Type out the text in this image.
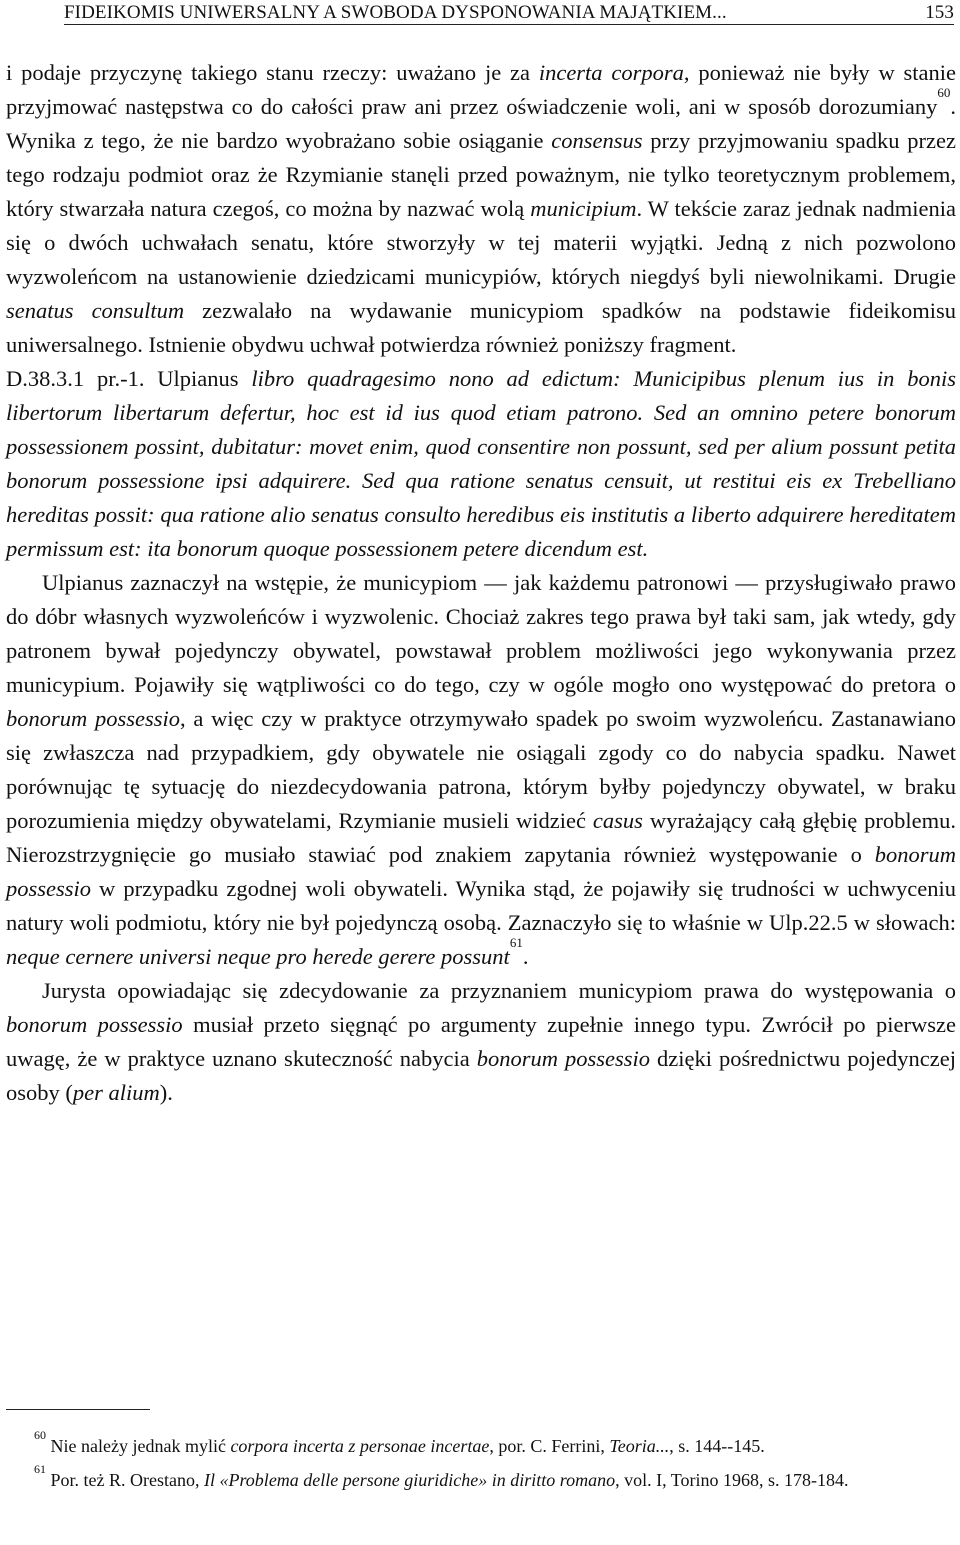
FIDEIKOMIS UNIWERSALNY A SWOBODA DYSPONOWANIA MAJĄTKIEM...	153

i podaje przyczynę takiego stanu rzeczy: uważano je za incerta corpora, ponieważ nie były w stanie przyjmować następstwa co do całości praw ani przez oświadczenie woli, ani w sposób dorozumiany$^{60}$. Wynika z tego, że nie bardzo wyobrażano sobie osiąganie consensus przy przyjmowaniu spadku przez tego rodzaju podmiot oraz że Rzymianie stanęli przed poważnym, nie tylko teoretycznym problemem, który stwarzała natura czegoś, co można by nazwać wolą municipium. W tekście zaraz jednak nadmienia się o dwóch uchwałach senatu, które stworzyły w tej materii wyjątki. Jedną z nich pozwolono wyzwoleńcom na ustanowienie dziedzicami municypiów, których niegdyś byli niewolnikami. Drugie senatus consultum zezwalało na wydawanie municypiom spadków na podstawie fideikomisu uniwersalnego. Istnienie obydwu uchwał potwierdza również poniższy fragment.

D.38.3.1 pr.-1. Ulpianus libro quadragesimo nono ad edictum: Municipibus plenum ius in bonis libertorum libertarum defertur, hoc est id ius quod etiam patrono. Sed an omnino petere bonorum possessionem possint, dubitatur: movet enim, quod consentire non possunt, sed per alium possunt petita bonorum possessione ipsi adquirere. Sed qua ratione senatus censuit, ut restitui eis ex Trebelliano hereditas possit: qua ratione alio senatus consulto heredibus eis institutis a liberto adquirere hereditatem permissum est: ita bonorum quoque possessionem petere dicendum est.

Ulpianus zaznaczył na wstępie, że municypiom — jak każdemu patronowi — przysługiwało prawo do dóbr własnych wyzwoleńców i wyzwolenic. Chociaż zakres tego prawa był taki sam, jak wtedy, gdy patronem bywał pojedynczy obywatel, powstawał problem możliwości jego wykonywania przez municypium. Pojawiły się wątpliwości co do tego, czy w ogóle mogło ono występować do pretora o bonorum possessio, a więc czy w praktyce otrzymywało spadek po swoim wyzwoleńcu. Zastanawiano się zwłaszcza nad przypadkiem, gdy obywatele nie osiągali zgody co do nabycia spadku. Nawet porównując tę sytuację do niezdecydowania patrona, którym byłby pojedynczy obywatel, w braku porozumienia między obywatelami, Rzymianie musieli widzieć casus wyrażający całą głębię problemu. Nierozstrzygnięcie go musiało stawiać pod znakiem zapytania również występowanie o bonorum possessio w przypadku zgodnej woli obywateli. Wynika stąd, że pojawiły się trudności w uchwyceniu natury woli podmiotu, który nie był pojedynczą osobą. Zaznaczyło się to właśnie w Ulp.22.5 w słowach: neque cernere universi neque pro herede gerere possunt$^{61}$.

Jurysta opowiadając się zdecydowanie za przyznaniem municypiom prawa do występowania o bonorum possessio musiał przeto sięgnąć po argumenty zupełnie innego typu. Zwrócił po pierwsze uwagę, że w praktyce uznano skuteczność nabycia bonorum possessio dzięki pośrednictwu pojedynczej osoby (per alium).

$^{60}$ Nie należy jednak mylić corpora incerta z personae incertae, por. C. Ferrini, Teoria..., s. 144--145.

$^{61}$ Por. też R. Orestano, Il «Problema delle persone giuridiche» in diritto romano, vol. I, Torino 1968, s. 178-184.
